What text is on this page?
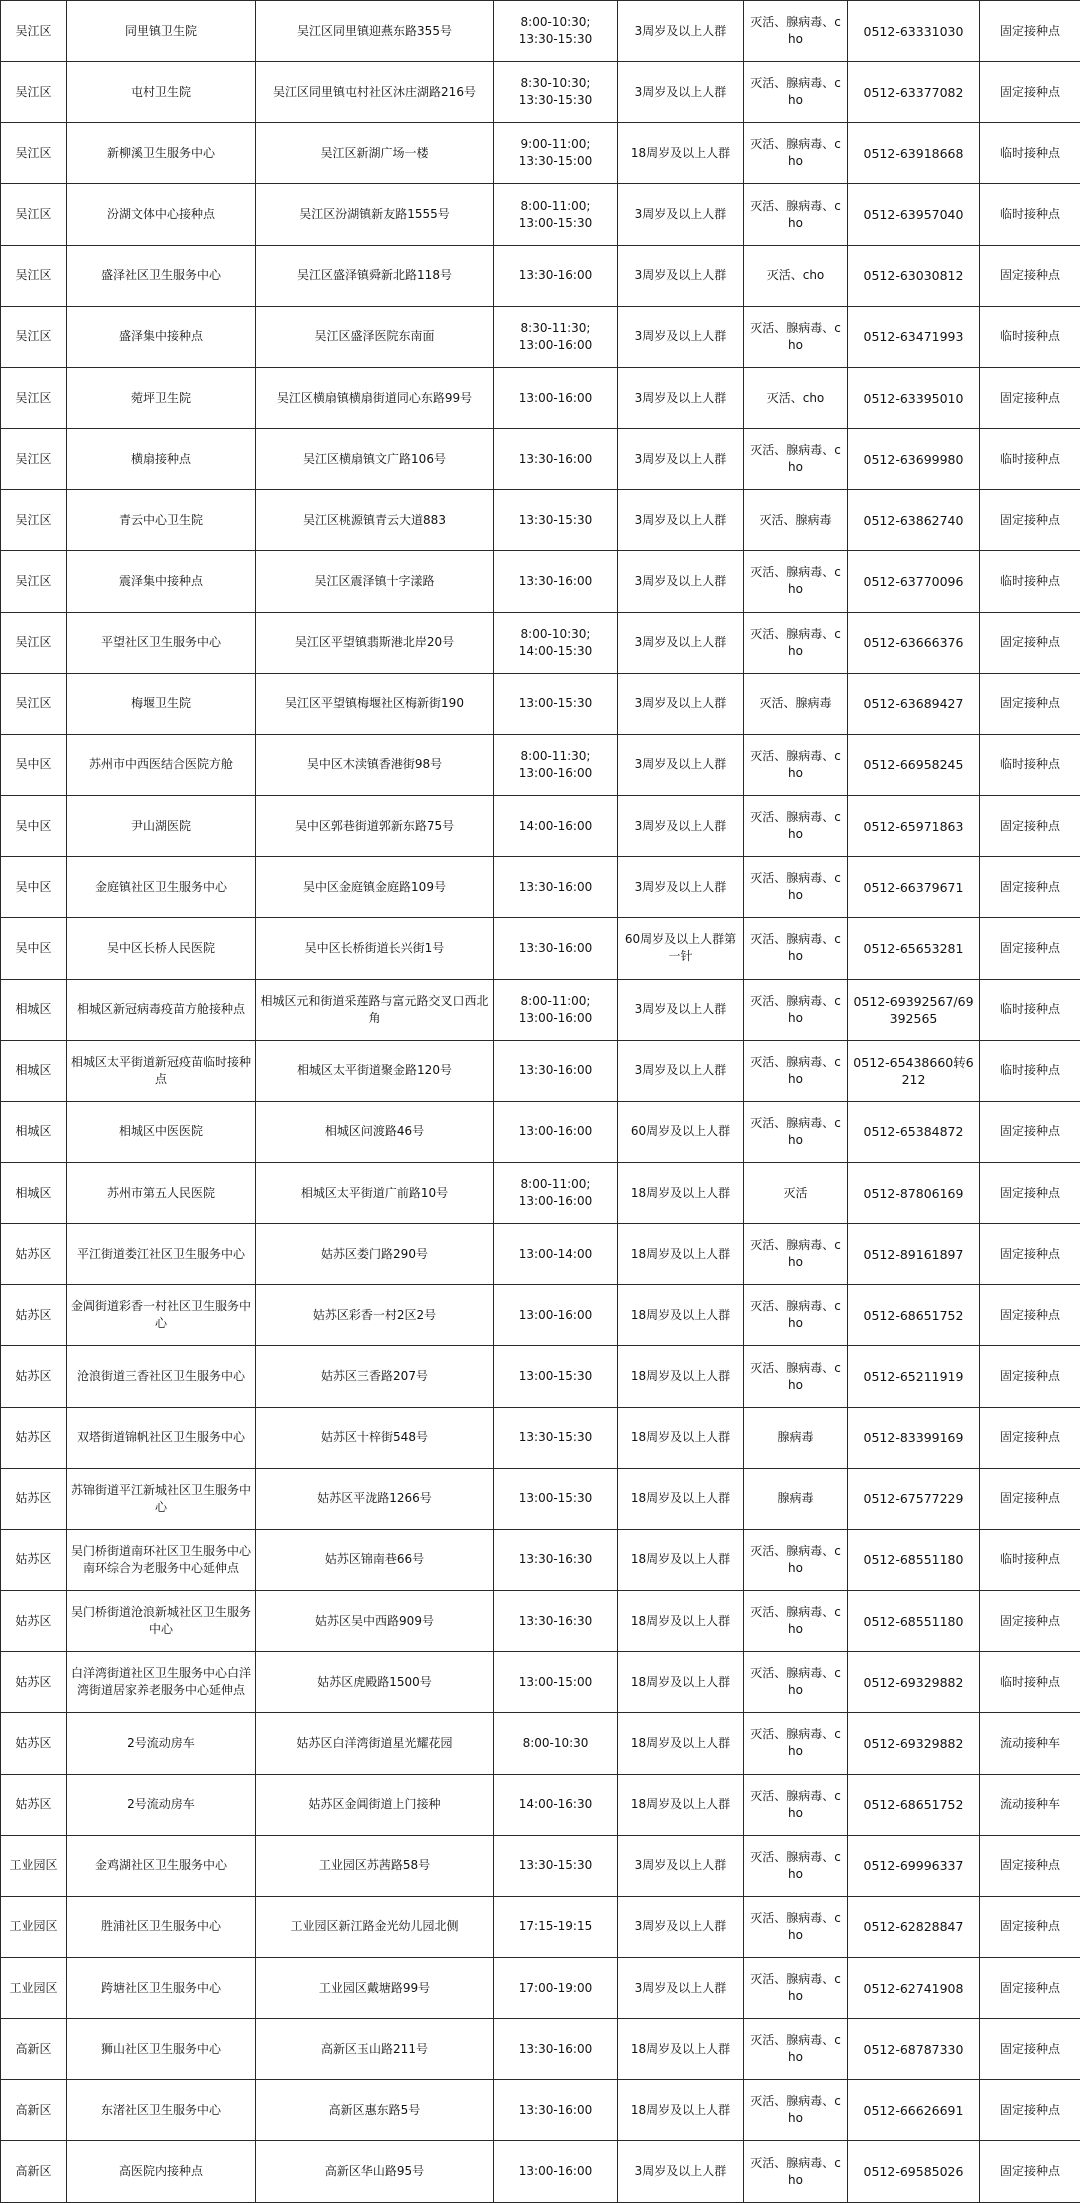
吴江区	同里镇卫生院	吴江区同里镇迎燕东路355号	8:00-10:30;
13:30-15:30	3周岁及以上人群	灭活、腺病毒、cho	0512-63331030	固定接种点
吴江区	屯村卫生院	吴江区同里镇屯村社区沐庄湖路216号	8:30-10:30;
13:30-15:30	3周岁及以上人群	灭活、腺病毒、cho	0512-63377082	固定接种点
吴江区	新柳溪卫生服务中心	吴江区新湖广场一楼	9:00-11:00;
13:30-15:00	18周岁及以上人群	灭活、腺病毒、cho	0512-63918668	临时接种点
吴江区	汾湖文体中心接种点	吴江区汾湖镇新友路1555号	8:00-11:00;
13:00-15:30	3周岁及以上人群	灭活、腺病毒、cho	0512-63957040	临时接种点
吴江区	盛泽社区卫生服务中心	吴江区盛泽镇舜新北路118号	13:30-16:00	3周岁及以上人群	灭活、cho	0512-63030812	固定接种点
吴江区	盛泽集中接种点	吴江区盛泽医院东南面	8:30-11:30;
13:00-16:00	3周岁及以上人群	灭活、腺病毒、cho	0512-63471993	临时接种点
吴江区	菀坪卫生院	吴江区横扇镇横扇街道同心东路99号	13:00-16:00	3周岁及以上人群	灭活、cho	0512-63395010	固定接种点
吴江区	横扇接种点	吴江区横扇镇文广路106号	13:30-16:00	3周岁及以上人群	灭活、腺病毒、cho	0512-63699980	临时接种点
吴江区	青云中心卫生院	吴江区桃源镇青云大道883	13:30-15:30	3周岁及以上人群	灭活、腺病毒	0512-63862740	固定接种点
吴江区	震泽集中接种点	吴江区震泽镇十字漾路	13:30-16:00	3周岁及以上人群	灭活、腺病毒、cho	0512-63770096	临时接种点
吴江区	平望社区卫生服务中心	吴江区平望镇翡斯港北岸20号	8:00-10:30;
14:00-15:30	3周岁及以上人群	灭活、腺病毒、cho	0512-63666376	固定接种点
吴江区	梅堰卫生院	吴江区平望镇梅堰社区梅新街190	13:00-15:30	3周岁及以上人群	灭活、腺病毒	0512-63689427	固定接种点
吴中区	苏州市中西医结合医院方舱	吴中区木渎镇香港街98号	8:00-11:30;
13:00-16:00	3周岁及以上人群	灭活、腺病毒、cho	0512-66958245	临时接种点
吴中区	尹山湖医院	吴中区郭巷街道郭新东路75号	14:00-16:00	3周岁及以上人群	灭活、腺病毒、cho	0512-65971863	固定接种点
吴中区	金庭镇社区卫生服务中心	吴中区金庭镇金庭路109号	13:30-16:00	3周岁及以上人群	灭活、腺病毒、cho	0512-66379671	固定接种点
吴中区	吴中区长桥人民医院	吴中区长桥街道长兴街1号	13:30-16:00	60周岁及以上人群第一针	灭活、腺病毒、cho	0512-65653281	固定接种点
相城区	相城区新冠病毒疫苗方舱接种点	相城区元和街道采莲路与富元路交叉口西北角	8:00-11:00;
13:00-16:00	3周岁及以上人群	灭活、腺病毒、cho	0512-69392567/69392565	临时接种点
相城区	相城区太平街道新冠疫苗临时接种点	相城区太平街道聚金路120号	13:30-16:00	3周岁及以上人群	灭活、腺病毒、cho	0512-65438660转6212	临时接种点
相城区	相城区中医医院	相城区问渡路46号	13:00-16:00	60周岁及以上人群	灭活、腺病毒、cho	0512-65384872	固定接种点
相城区	苏州市第五人民医院	相城区太平街道广前路10号	8:00-11:00;
13:00-16:00	18周岁及以上人群	灭活	0512-87806169	固定接种点
姑苏区	平江街道娄江社区卫生服务中心	姑苏区娄门路290号	13:00-14:00	18周岁及以上人群	灭活、腺病毒、cho	0512-89161897	固定接种点
姑苏区	金阊街道彩香一村社区卫生服务中心	姑苏区彩香一村2区2号	13:00-16:00	18周岁及以上人群	灭活、腺病毒、cho	0512-68651752	固定接种点
姑苏区	沧浪街道三香社区卫生服务中心	姑苏区三香路207号	13:00-15:30	18周岁及以上人群	灭活、腺病毒、cho	0512-65211919	固定接种点
姑苏区	双塔街道锦帆社区卫生服务中心	姑苏区十梓街548号	13:30-15:30	18周岁及以上人群	腺病毒	0512-83399169	固定接种点
姑苏区	苏锦街道平江新城社区卫生服务中心	姑苏区平泷路1266号	13:00-15:30	18周岁及以上人群	腺病毒	0512-67577229	固定接种点
姑苏区	吴门桥街道南环社区卫生服务中心南环综合为老服务中心延伸点	姑苏区锦南巷66号	13:30-16:30	18周岁及以上人群	灭活、腺病毒、cho	0512-68551180	临时接种点
姑苏区	吴门桥街道沧浪新城社区卫生服务中心	姑苏区吴中西路909号	13:30-16:30	18周岁及以上人群	灭活、腺病毒、cho	0512-68551180	固定接种点
姑苏区	白洋湾街道社区卫生服务中心白洋湾街道居家养老服务中心延伸点	姑苏区虎殿路1500号	13:00-15:00	18周岁及以上人群	灭活、腺病毒、cho	0512-69329882	临时接种点
姑苏区	2号流动房车	姑苏区白洋湾街道星光耀花园	8:00-10:30	18周岁及以上人群	灭活、腺病毒、cho	0512-69329882	流动接种车
姑苏区	2号流动房车	姑苏区金阊街道上门接种	14:00-16:30	18周岁及以上人群	灭活、腺病毒、cho	0512-68651752	流动接种车
工业园区	金鸡湖社区卫生服务中心	工业园区苏茜路58号	13:30-15:30	3周岁及以上人群	灭活、腺病毒、cho	0512-69996337	固定接种点
工业园区	胜浦社区卫生服务中心	工业园区新江路金光幼儿园北侧	17:15-19:15	3周岁及以上人群	灭活、腺病毒、cho	0512-62828847	固定接种点
工业园区	跨塘社区卫生服务中心	工业园区戴塘路99号	17:00-19:00	3周岁及以上人群	灭活、腺病毒、cho	0512-62741908	固定接种点
高新区	狮山社区卫生服务中心	高新区玉山路211号	13:30-16:00	18周岁及以上人群	灭活、腺病毒、cho	0512-68787330	固定接种点
高新区	东渚社区卫生服务中心	高新区惠东路5号	13:30-16:00	18周岁及以上人群	灭活、腺病毒、cho	0512-66626691	固定接种点
高新区	高医院内接种点	高新区华山路95号	13:00-16:00	3周岁及以上人群	灭活、腺病毒、cho	0512-69585026	固定接种点
